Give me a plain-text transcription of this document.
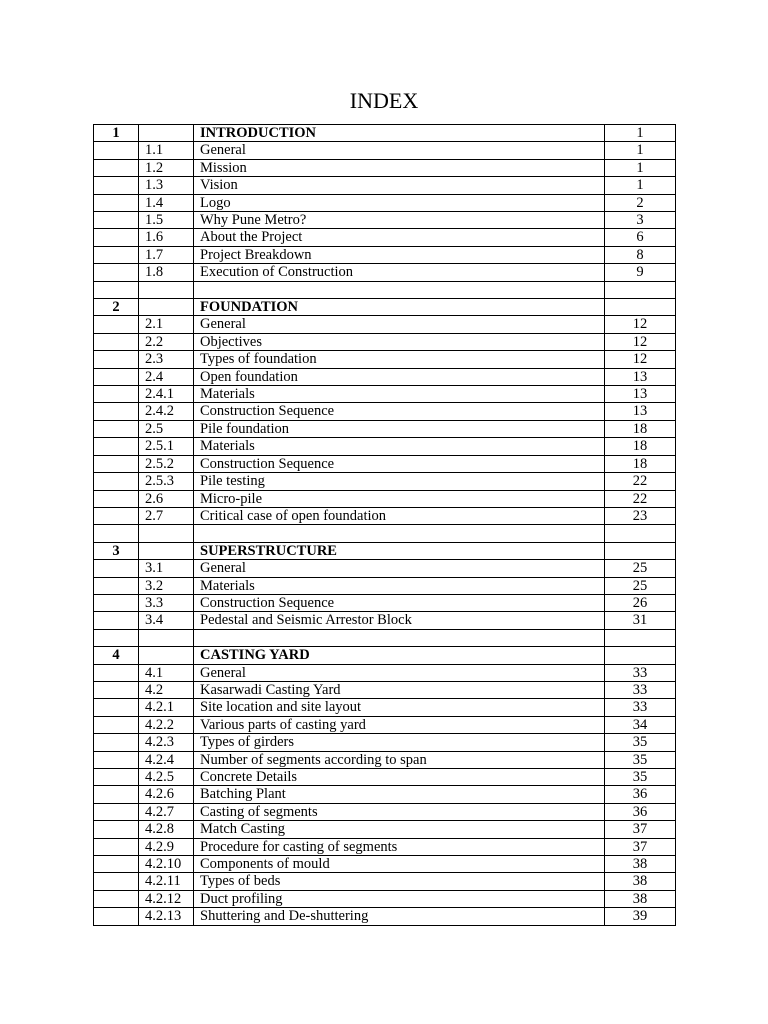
INDEX
1		INTRODUCTION	1
	1.1	General	1
	1.2	Mission	1
	1.3	Vision	1
	1.4	Logo	2
	1.5	Why Pune Metro?	3
	1.6	About the Project	6
	1.7	Project Breakdown	8
	1.8	Execution of Construction	9

2		FOUNDATION	
	2.1	General	12
	2.2	Objectives	12
	2.3	Types of foundation	12
	2.4	Open foundation	13
	2.4.1	Materials	13
	2.4.2	Construction Sequence	13
	2.5	Pile foundation	18
	2.5.1	Materials	18
	2.5.2	Construction Sequence	18
	2.5.3	Pile testing	22
	2.6	Micro-pile	22
	2.7	Critical case of open foundation	23

3		SUPERSTRUCTURE	
	3.1	General	25
	3.2	Materials	25
	3.3	Construction Sequence	26
	3.4	Pedestal and Seismic Arrestor Block	31

4		CASTING YARD	
	4.1	General	33
	4.2	Kasarwadi Casting Yard	33
	4.2.1	Site location and site layout	33
	4.2.2	Various parts of casting yard	34
	4.2.3	Types of girders	35
	4.2.4	Number of segments according to span	35
	4.2.5	Concrete Details	35
	4.2.6	Batching Plant	36
	4.2.7	Casting of segments	36
	4.2.8	Match Casting	37
	4.2.9	Procedure for casting of segments	37
	4.2.10	Components of mould	38
	4.2.11	Types of beds	38
	4.2.12	Duct profiling	38
	4.2.13	Shuttering and De-shuttering	39
